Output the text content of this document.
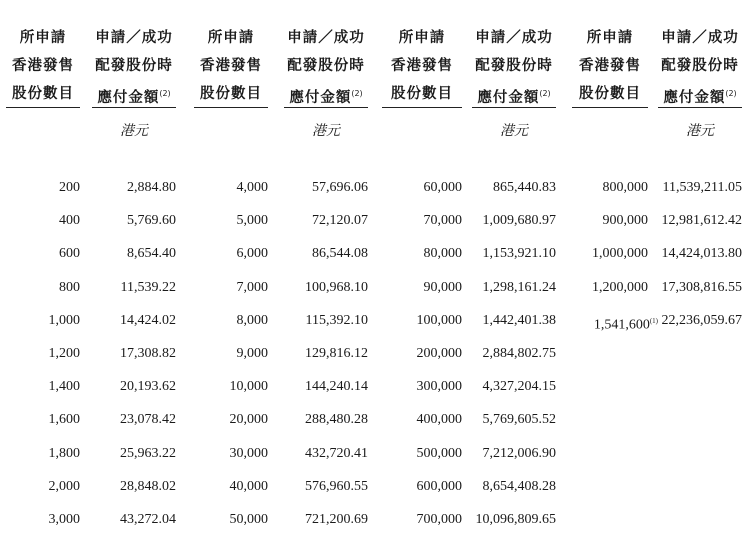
所申請
香港發售
股份數目
200
400
600
800
1,000
1,200
1,400
1,600
1,800
2,000
3,000
申請／成功
配發股份時
應付金額$^{(2)}$
港元
2,884.80
5,769.60
8,654.40
11,539.22
14,424.02
17,308.82
20,193.62
23,078.42
25,963.22
28,848.02
43,272.04
所申請
香港發售
股份數目
4,000
5,000
6,000
7,000
8,000
9,000
10,000
20,000
30,000
40,000
50,000
申請／成功
配發股份時
應付金額$^{(2)}$
港元
57,696.06
72,120.07
86,544.08
100,968.10
115,392.10
129,816.12
144,240.14
288,480.28
432,720.41
576,960.55
721,200.69
所申請
香港發售
股份數目
60,000
70,000
80,000
90,000
100,000
200,000
300,000
400,000
500,000
600,000
700,000
申請／成功
配發股份時
應付金額$^{(2)}$
港元
865,440.83
1,009,680.97
1,153,921.10
1,298,161.24
1,442,401.38
2,884,802.75
4,327,204.15
5,769,605.52
7,212,006.90
8,654,408.28
10,096,809.65
所申請
香港發售
股份數目
800,000
900,000
1,000,000
1,200,000
1,541,600$^{(1)}$
申請／成功
配發股份時
應付金額$^{(2)}$
港元
11,539,211.05
12,981,612.42
14,424,013.80
17,308,816.55
22,236,059.67
